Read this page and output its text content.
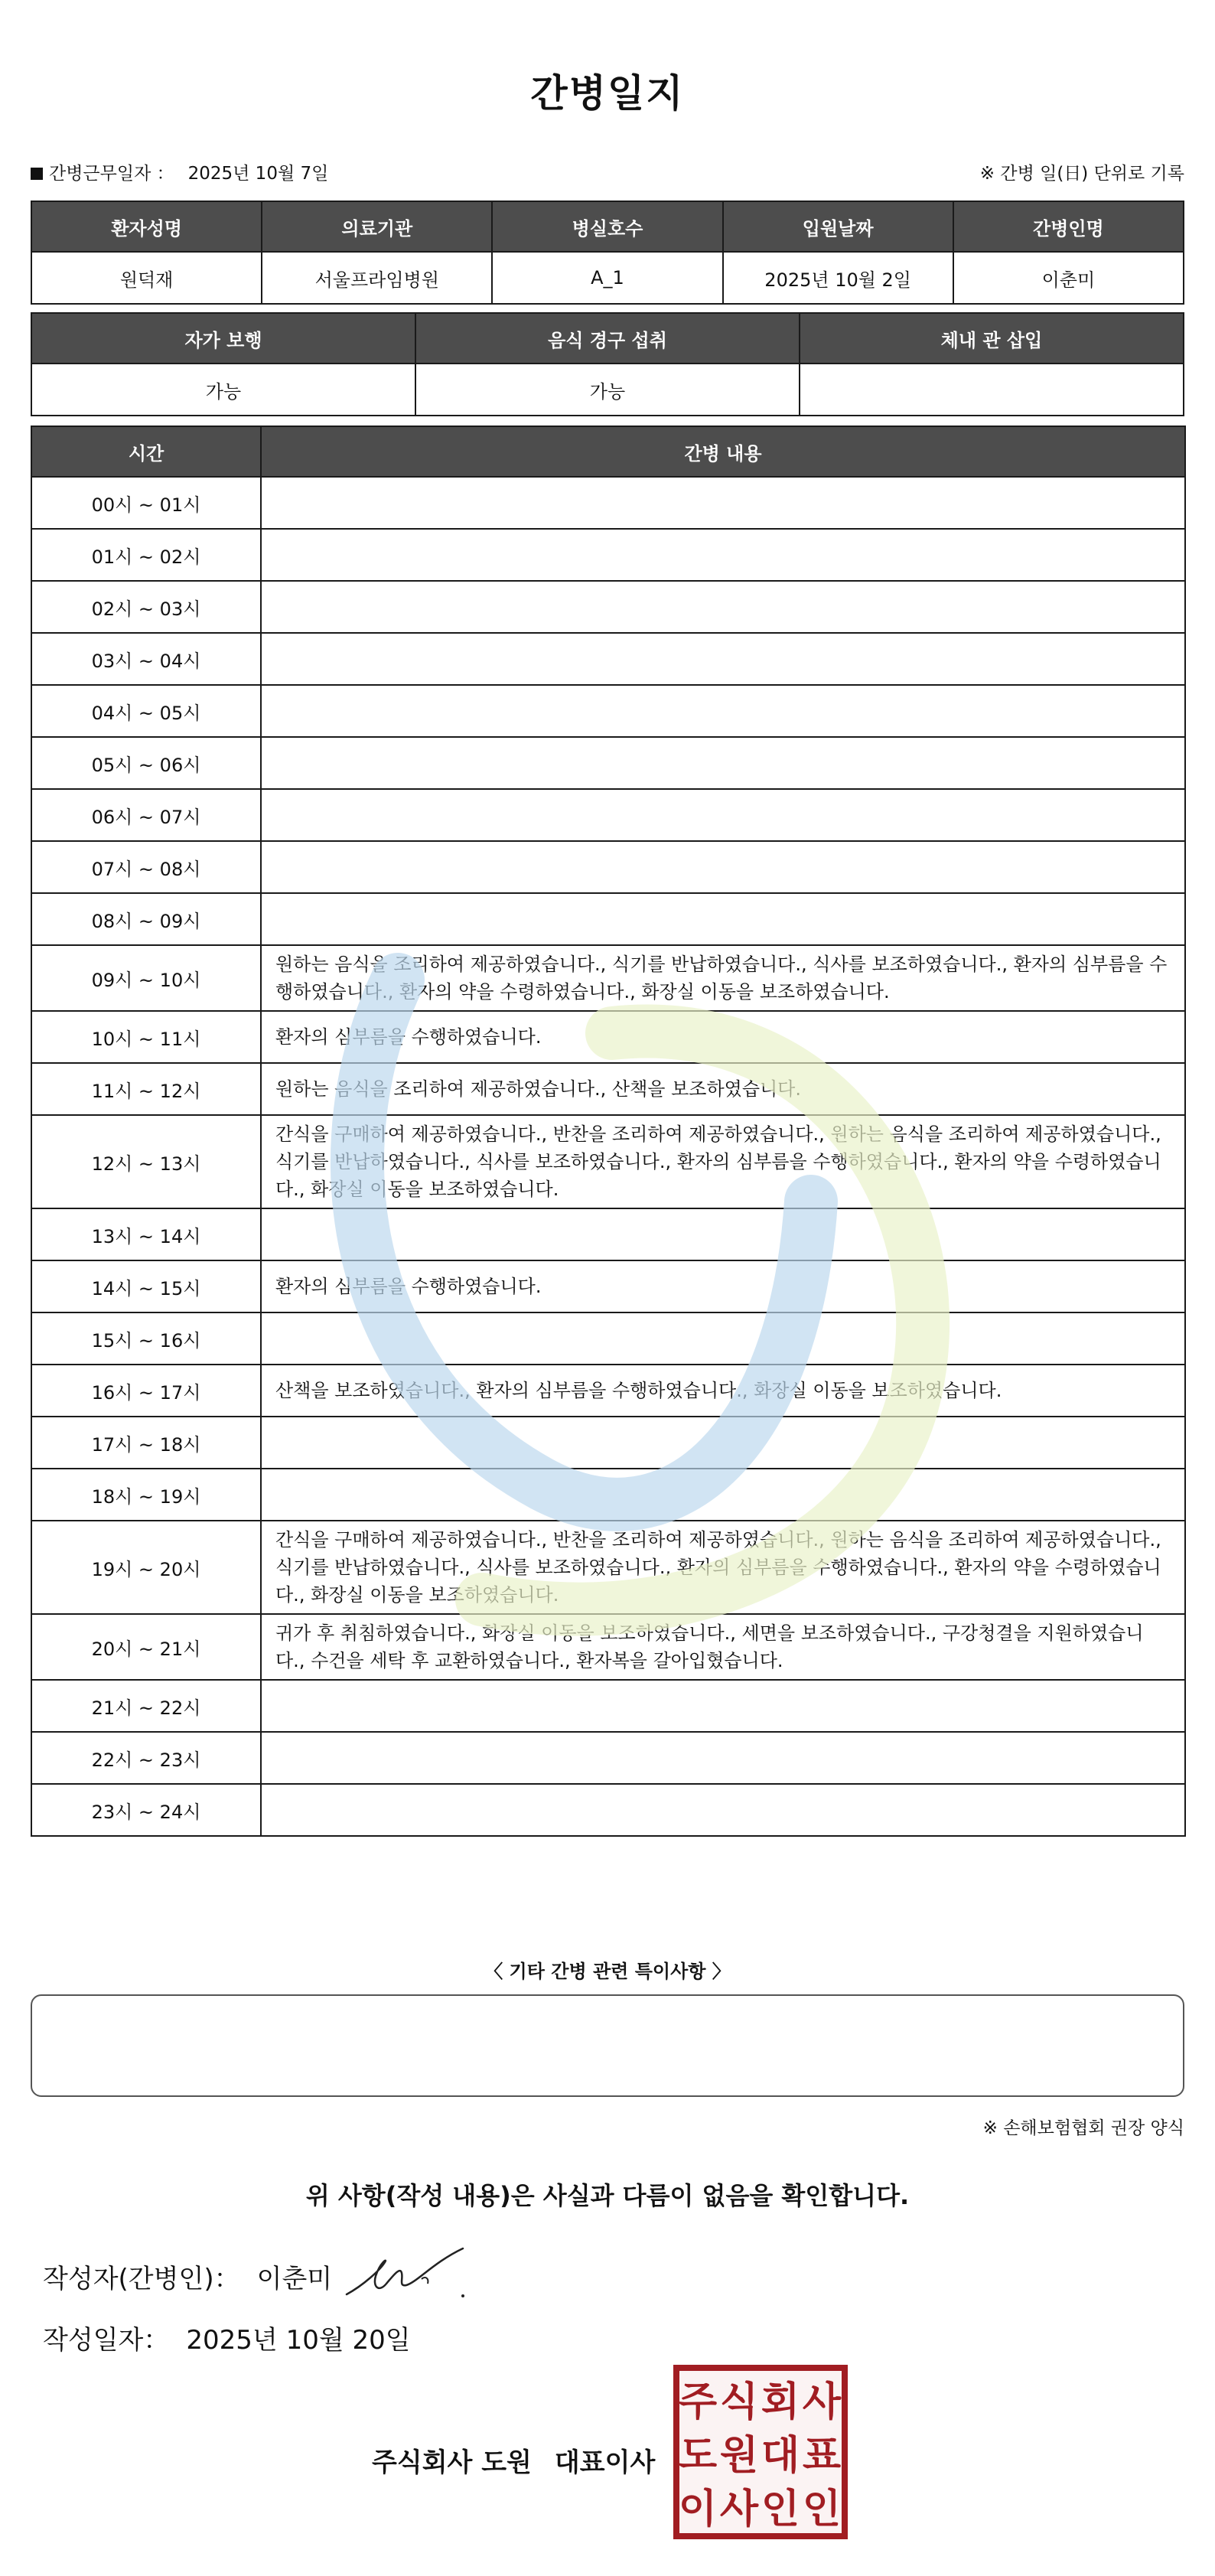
간병일지
간병근무일자 ： 2025년 10월 7일	※ 간병 일(日) 단위로 기록
환자성명	의료기관	병실호수	입원날짜	간병인명
원덕재	서울프라임병원	A_1	2025년 10월 2일	이춘미
자가 보행	음식 경구 섭취	체내 관 삽입
가능	가능	
시간	간병 내용
00시 ~ 01시	
01시 ~ 02시	
02시 ~ 03시	
03시 ~ 04시	
04시 ~ 05시	
05시 ~ 06시	
06시 ~ 07시	
07시 ~ 08시	
08시 ~ 09시	
09시 ~ 10시	원하는 음식을 조리하여 제공하였습니다., 식기를 반납하였습니다., 식사를 보조하였습니다., 환자의 심부름을 수행하였습니다., 환자의 약을 수령하였습니다., 화장실 이동을 보조하였습니다.
10시 ~ 11시	환자의 심부름을 수행하였습니다.
11시 ~ 12시	원하는 음식을 조리하여 제공하였습니다., 산책을 보조하였습니다.
12시 ~ 13시	간식을 구매하여 제공하였습니다., 반찬을 조리하여 제공하였습니다., 원하는 음식을 조리하여 제공하였습니다., 식기를 반납하였습니다., 식사를 보조하였습니다., 환자의 심부름을 수행하였습니다., 환자의 약을 수령하였습니다., 화장실 이동을 보조하였습니다.
13시 ~ 14시	
14시 ~ 15시	환자의 심부름을 수행하였습니다.
15시 ~ 16시	
16시 ~ 17시	산책을 보조하였습니다., 환자의 심부름을 수행하였습니다., 화장실 이동을 보조하였습니다.
17시 ~ 18시	
18시 ~ 19시	
19시 ~ 20시	간식을 구매하여 제공하였습니다., 반찬을 조리하여 제공하였습니다., 원하는 음식을 조리하여 제공하였습니다., 식기를 반납하였습니다., 식사를 보조하였습니다., 환자의 심부름을 수행하였습니다., 환자의 약을 수령하였습니다., 화장실 이동을 보조하였습니다.
20시 ~ 21시	귀가 후 취침하였습니다., 화장실 이동을 보조하였습니다., 세면을 보조하였습니다., 구강청결을 지원하였습니다., 수건을 세탁 후 교환하였습니다., 환자복을 갈아입혔습니다.
21시 ~ 22시	
22시 ~ 23시	
23시 ~ 24시	
〈 기타 간병 관련 특이사항 〉
※ 손해보험협회 권장 양식
위 사항(작성 내용)은 사실과 다름이 없음을 확인합니다.
작성자(간병인)： 이춘미
작성일자： 2025년 10월 20일
주식회사 도원 대표이사
주 식 회 사
도 원 대 표
이 사 인 인
